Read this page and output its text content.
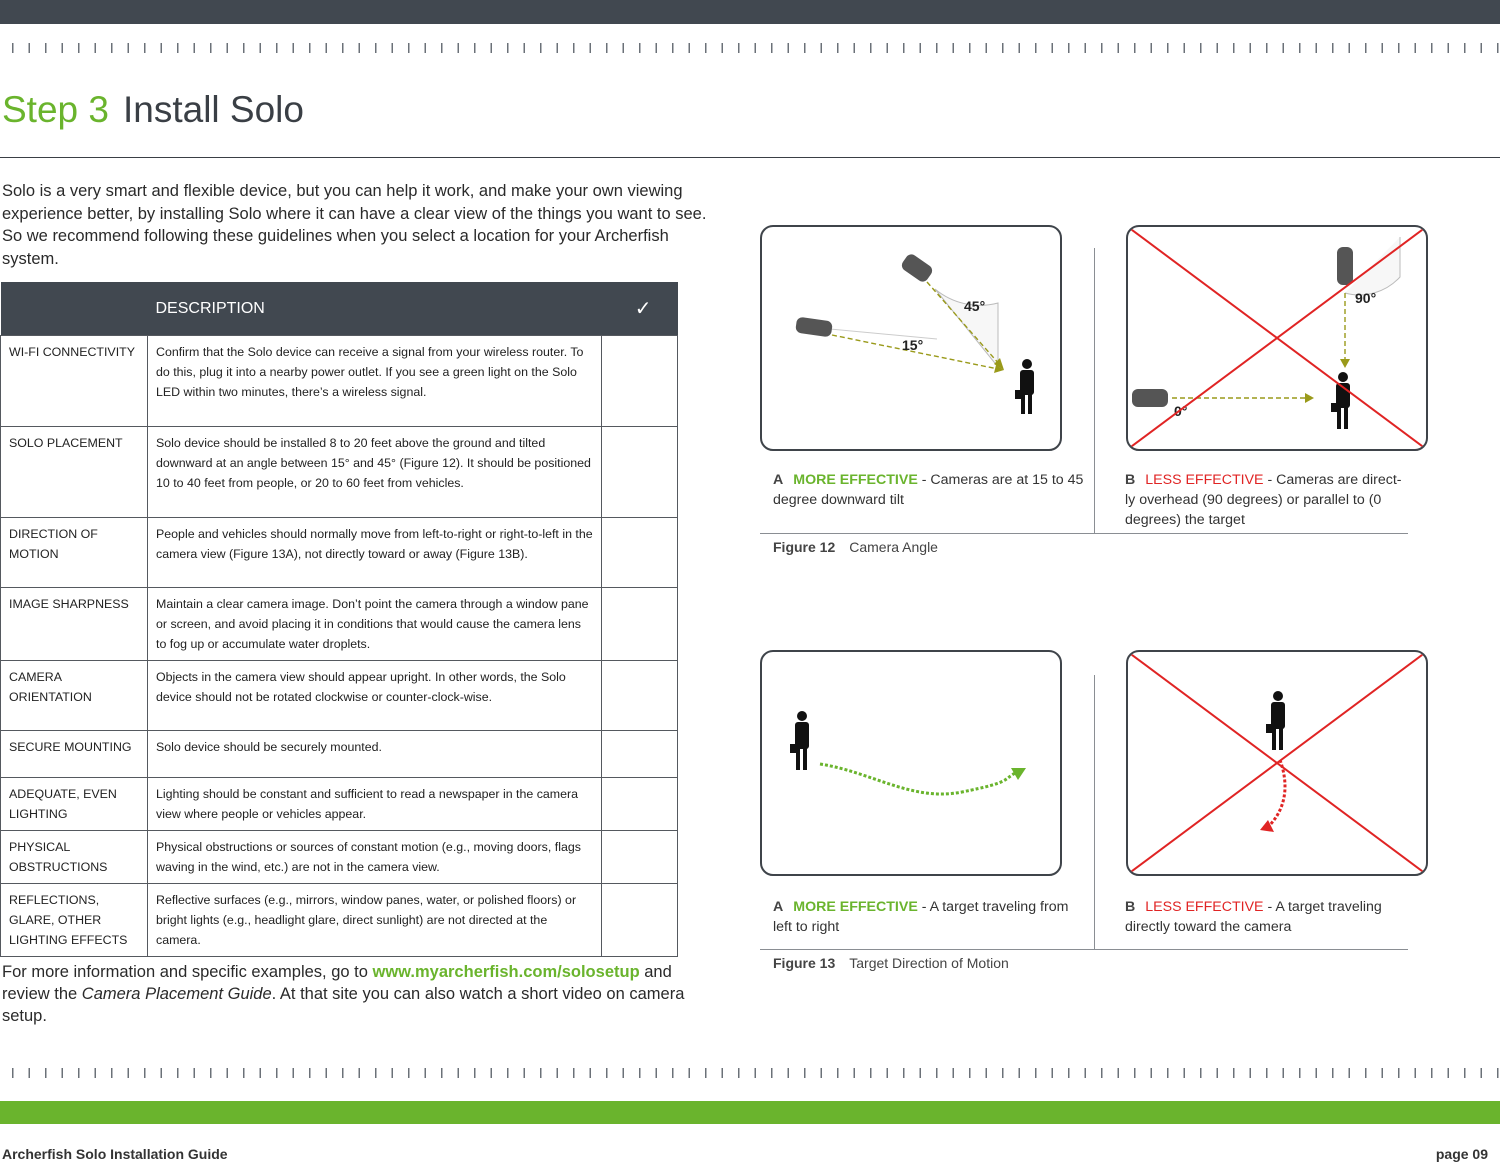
Step 3 Install Solo
Solo is a very smart and flexible device, but you can help it work, and make your own viewing experience better, by installing Solo where it can have a clear view of the things you want to see. So we recommend following these guidelines when you select a location for your Archerfish system.
	DESCRIPTION	✓
WI-FI CONNECTIVITY	Confirm that the Solo device can receive a signal from your wireless router. To do this, plug it into a nearby power outlet. If you see a green light on the Solo LED within two minutes, there’s a wireless signal.	
SOLO PLACEMENT	Solo device should be installed 8 to 20 feet above the ground and tilted downward at an angle between 15° and 45° (Figure 12). It should be positioned 10 to 40 feet from people, or 20 to 60 feet from vehicles.	
DIRECTION OF MOTION	People and vehicles should normally move from left-to-right or right-to-left in the camera view (Figure 13A), not directly toward or away (Figure 13B).	
IMAGE SHARPNESS	Maintain a clear camera image. Don’t point the camera through a window pane or screen, and avoid placing it in conditions that would cause the camera lens to fog up or accumulate water droplets.	
CAMERA ORIENTATION	Objects in the camera view should appear upright. In other words, the Solo device should not be rotated clockwise or counter-clock-wise.	
SECURE MOUNTING	Solo device should be securely mounted.	
ADEQUATE, EVEN LIGHTING	Lighting should be constant and sufficient to read a newspaper in the camera view where people or vehicles appear.	
PHYSICAL OBSTRUCTIONS	Physical obstructions or sources of constant motion (e.g., moving doors, flags waving in the wind, etc.) are not in the camera view.	
REFLECTIONS, GLARE, OTHER LIGHTING EFFECTS	Reflective surfaces (e.g., mirrors, window panes, water, or polished floors) or bright lights (e.g., headlight glare, direct sunlight) are not directed at the camera.	
For more information and specific examples, go to www.myarcherfish.com/solosetup and review the Camera Placement Guide. At that site you can also watch a short video on camera setup.
45°
15°
90°
0°
A MORE EFFECTIVE - Cameras are at 15 to 45 degree downward tilt
B LESS EFFECTIVE - Cameras are direct-ly overhead (90 degrees) or parallel to (0 degrees) the target
Figure 12 Camera Angle
A MORE EFFECTIVE - A target traveling from left to right
B LESS EFFECTIVE - A target traveling directly toward the camera
Figure 13 Target Direction of Motion
Archerfish Solo Installation Guide	page 09
